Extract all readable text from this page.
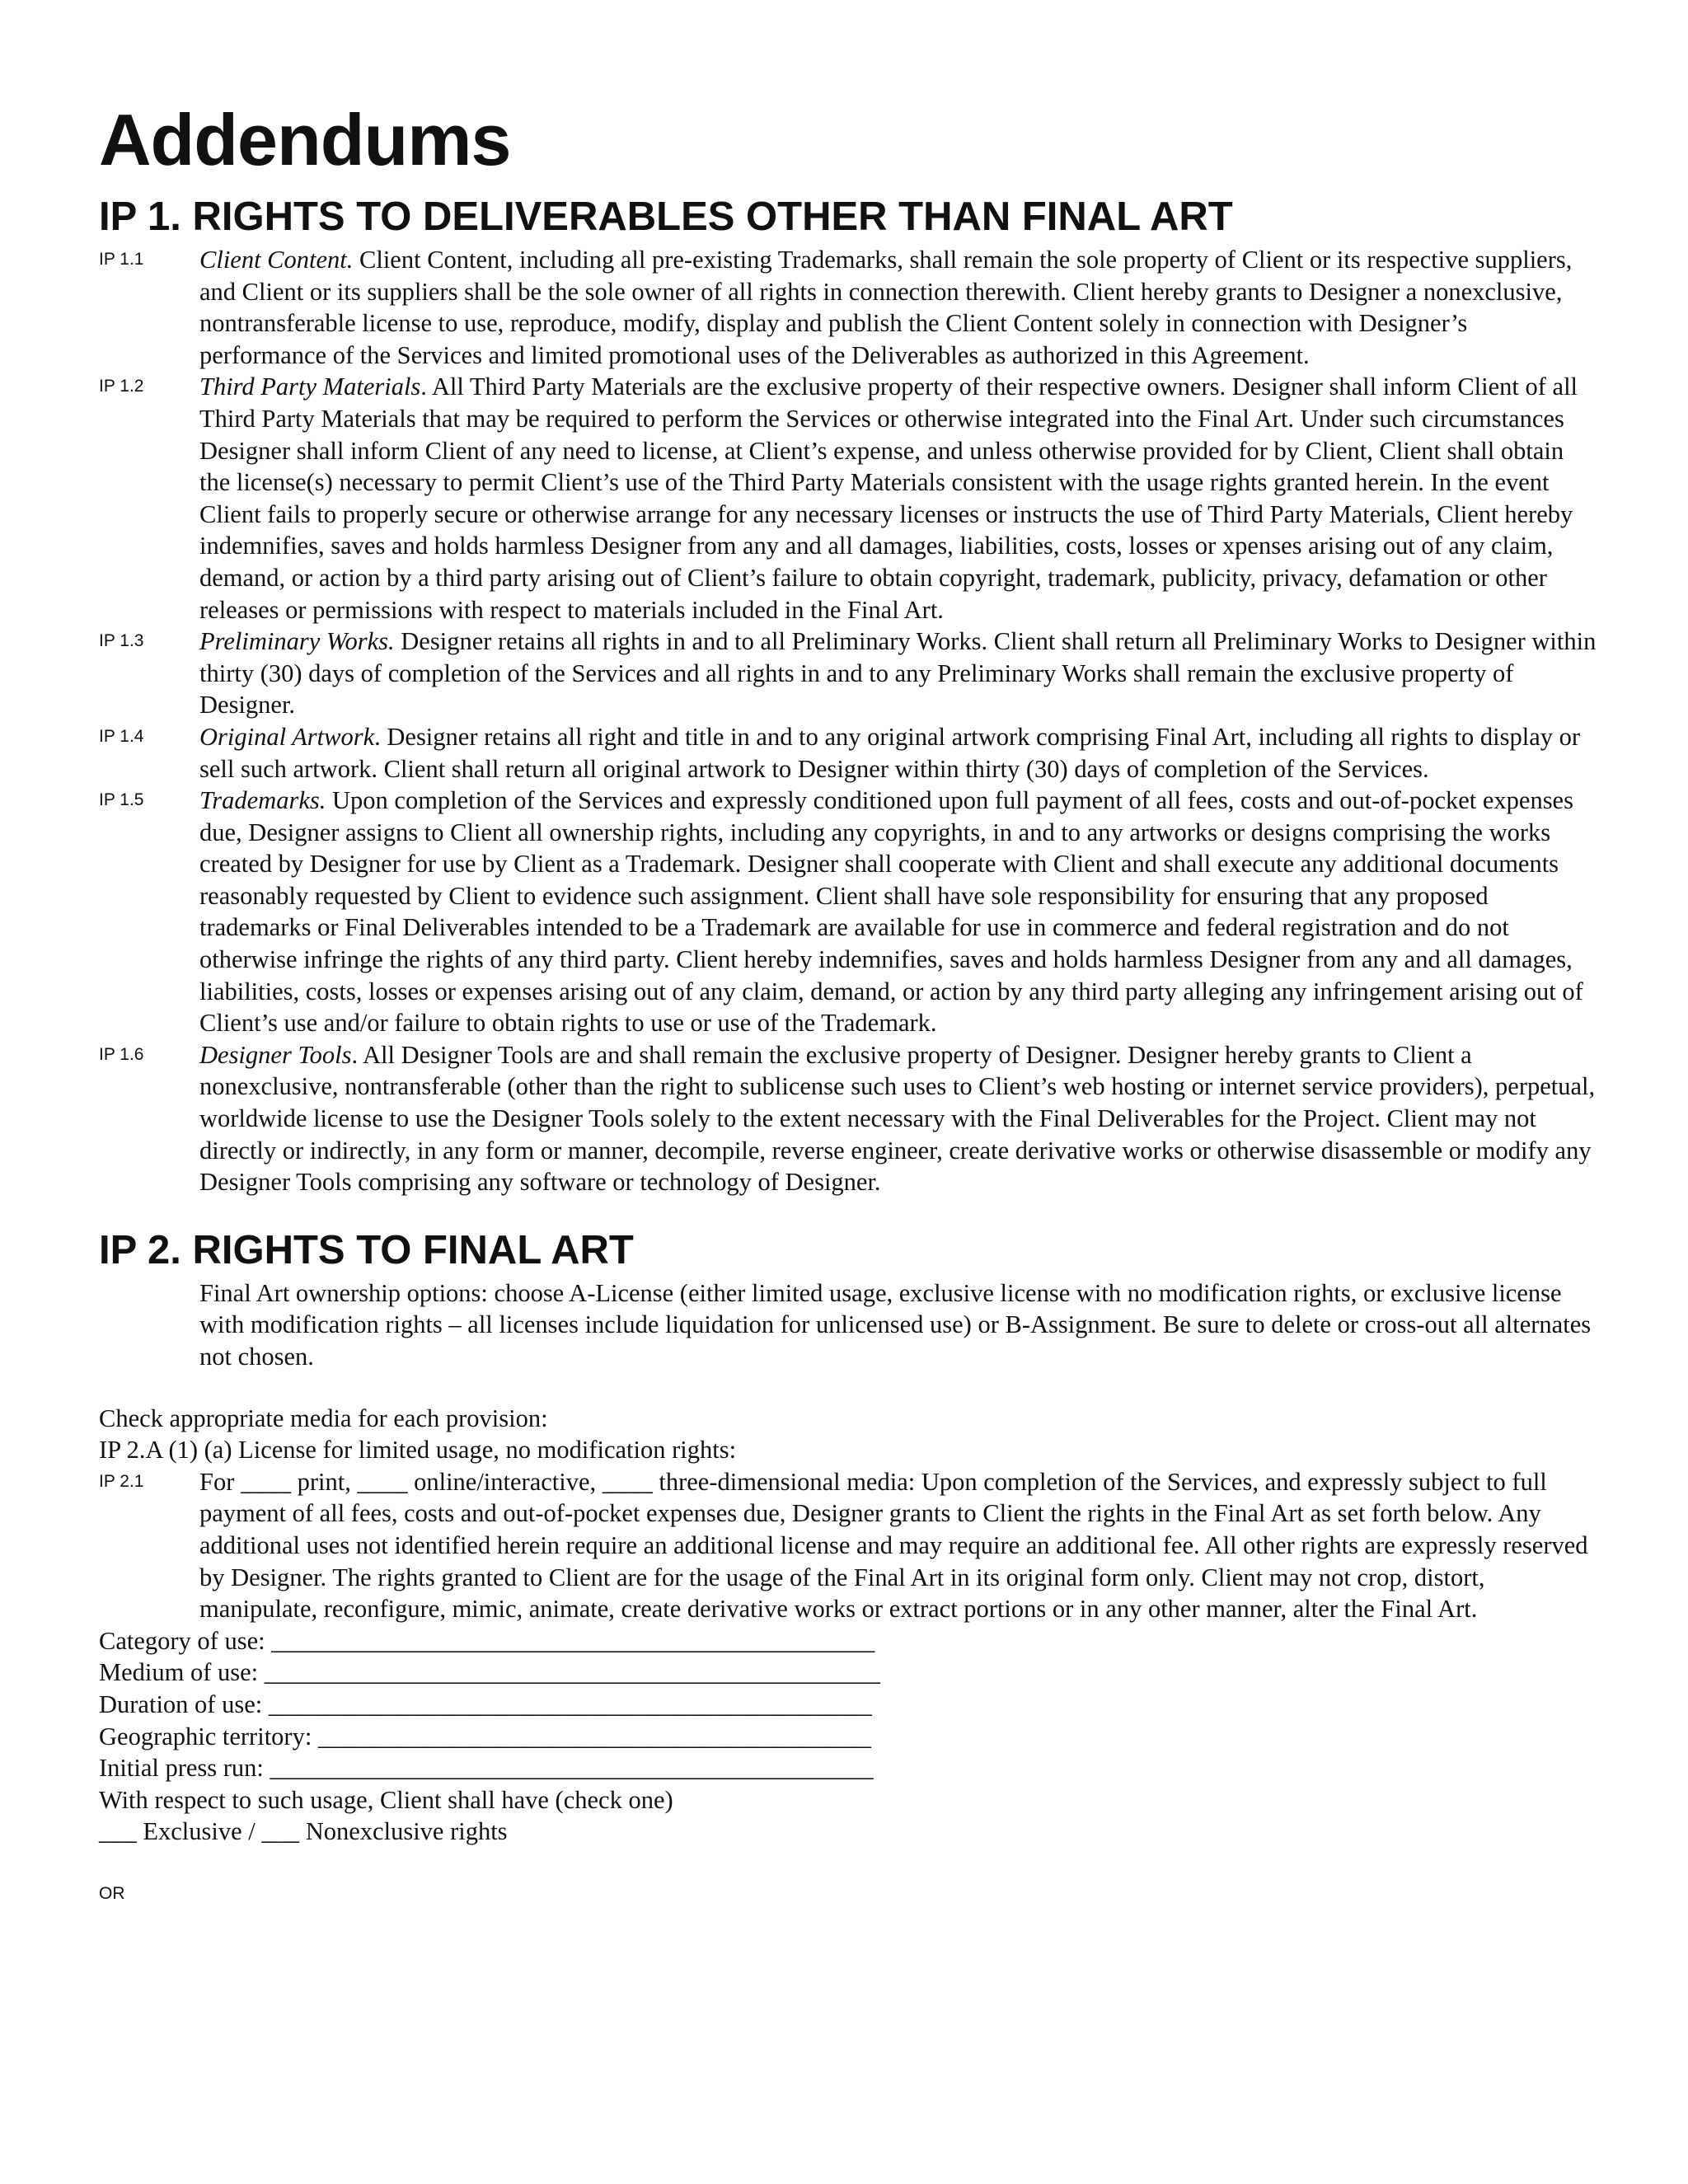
Addendums
IP 1. RIGHTS TO DELIVERABLES OTHER THAN FINAL ART
IP 1.1 Client Content. Client Content, including all pre-existing Trademarks, shall remain the sole property of Client or its respective suppliers, and Client or its suppliers shall be the sole owner of all rights in connection therewith. Client hereby grants to Designer a nonexclusive, nontransferable license to use, reproduce, modify, display and publish the Client Content solely in connection with Designer’s performance of the Services and limited promotional uses of the Deliverables as authorized in this Agreement.
IP 1.2 Third Party Materials. All Third Party Materials are the exclusive property of their respective owners. Designer shall inform Client of all Third Party Materials that may be required to perform the Services or otherwise integrated into the Final Art. Under such circumstances Designer shall inform Client of any need to license, at Client’s expense, and unless otherwise provided for by Client, Client shall obtain the license(s) necessary to permit Client’s use of the Third Party Materials consistent with the usage rights granted herein. In the event Client fails to properly secure or otherwise arrange for any necessary licenses or instructs the use of Third Party Materials, Client hereby indemnifies, saves and holds harmless Designer from any and all damages, liabilities, costs, losses or xpenses arising out of any claim, demand, or action by a third party arising out of Client’s failure to obtain copyright, trademark, publicity, privacy, defamation or other releases or permissions with respect to materials included in the Final Art.
IP 1.3 Preliminary Works. Designer retains all rights in and to all Preliminary Works. Client shall return all Preliminary Works to Designer within thirty (30) days of completion of the Services and all rights in and to any Preliminary Works shall remain the exclusive property of Designer.
IP 1.4 Original Artwork. Designer retains all right and title in and to any original artwork comprising Final Art, including all rights to display or sell such artwork. Client shall return all original artwork to Designer within thirty (30) days of completion of the Services.
IP 1.5 Trademarks. Upon completion of the Services and expressly conditioned upon full payment of all fees, costs and out-of-pocket expenses due, Designer assigns to Client all ownership rights, including any copyrights, in and to any artworks or designs comprising the works created by Designer for use by Client as a Trademark. Designer shall cooperate with Client and shall execute any additional documents reasonably requested by Client to evidence such assignment. Client shall have sole responsibility for ensuring that any proposed trademarks or Final Deliverables intended to be a Trademark are available for use in commerce and federal registration and do not otherwise infringe the rights of any third party. Client hereby indemnifies, saves and holds harmless Designer from any and all damages, liabilities, costs, losses or expenses arising out of any claim, demand, or action by any third party alleging any infringement arising out of Client’s use and/or failure to obtain rights to use or use of the Trademark.
IP 1.6 Designer Tools. All Designer Tools are and shall remain the exclusive property of Designer. Designer hereby grants to Client a nonexclusive, nontransferable (other than the right to sublicense such uses to Client’s web hosting or internet service providers), perpetual, worldwide license to use the Designer Tools solely to the extent necessary with the Final Deliverables for the Project. Client may not directly or indirectly, in any form or manner, decompile, reverse engineer, create derivative works or otherwise disassemble or modify any Designer Tools comprising any software or technology of Designer.
IP 2. RIGHTS TO FINAL ART
Final Art ownership options: choose A-License (either limited usage, exclusive license with no modification rights, or exclusive license with modification rights – all licenses include liquidation for unlicensed use) or B-Assignment. Be sure to delete or cross-out all alternates not chosen.
Check appropriate media for each provision:
IP 2.A (1) (a) License for limited usage, no modification rights:
IP 2.1 For ____ print, ____ online/interactive, ____ three-dimensional media: Upon completion of the Services, and expressly subject to full payment of all fees, costs and out-of-pocket expenses due, Designer grants to Client the rights in the Final Art as set forth below. Any additional uses not identified herein require an additional license and may require an additional fee. All other rights are expressly reserved by Designer. The rights granted to Client are for the usage of the Final Art in its original form only. Client may not crop, distort, manipulate, reconfigure, mimic, animate, create derivative works or extract portions or in any other manner, alter the Final Art.
Category of use: ________________________________________________
Medium of use: _________________________________________________
Duration of use: ________________________________________________
Geographic territory: ____________________________________________
Initial press run: ________________________________________________
With respect to such usage, Client shall have (check one)
___ Exclusive / ___ Nonexclusive rights
OR
